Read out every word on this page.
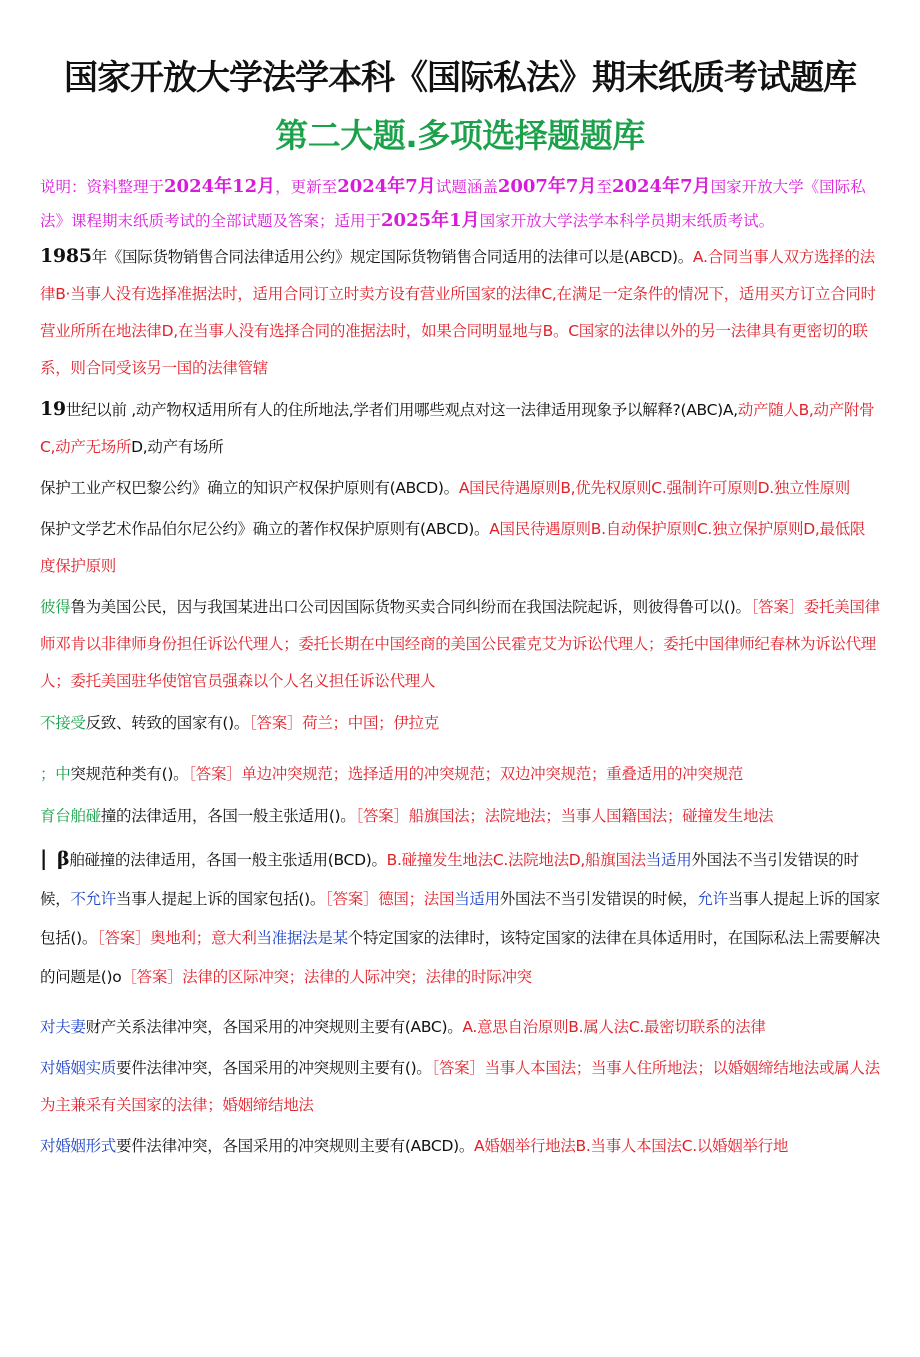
国家开放大学法学本科《国际私法》期末纸质考试题库
第二大题.多项选择题题库

说明：资料整理于2024年12月，更新至2024年7月试题涵盖2007年7月至2024年7月国家开放大学《国际私法》课程期末纸质考试的全部试题及答案；适用于2025年1月国家开放大学法学本科学员期末纸质考试。

1985年《国际货物销售合同法律适用公约》规定国际货物销售合同适用的法律可以是(ABCD)。A.合同当事人双方选择的法律B·当事人没有选择准据法时，适用合同订立时卖方设有营业所国家的法律C,在满足一定条件的情况下，适用买方订立合同时营业所所在地法律D,在当事人没有选择合同的准据法时，如果合同明显地与B。C国家的法律以外的另一法律具有更密切的联系，则合同受该另一国的法律管辖

19世纪以前 ,动产物权适用所有人的住所地法,学者们用哪些观点对这一法律适用现象予以解释?(ABC)A,动产随人B,动产附骨C,动产无场所D,动产有场所

保护工业产权巴黎公约》确立的知识产权保护原则有(ABCD)。A国民待遇原则B,优先权原则C.强制许可原则D.独立性原则

保护文学艺术作品伯尔尼公约》确立的著作权保护原则有(ABCD)。A国民待遇原则B.自动保护原则C.独立保护原则D,最低限度保护原则

彼得鲁为美国公民，因与我国某进出口公司因国际货物买卖合同纠纷而在我国法院起诉，则彼得鲁可以()。［答案］委托美国律师邓肯以非律师身份担任诉讼代理人；委托长期在中国经商的美国公民霍克艾为诉讼代理人；委托中国律师纪春林为诉讼代理人；委托美国驻华使馆官员强森以个人名义担任诉讼代理人

不接受反致、转致的国家有()。［答案］荷兰；中国；伊拉克

；中突规范种类有()。［答案］单边冲突规范；选择适用的冲突规范；双边冲突规范；重叠适用的冲突规范

育台舶碰撞的法律适用，各国一般主张适用()。［答案］船旗国法；法院地法；当事人国籍国法；碰撞发生地法

| β舶碰撞的法律适用，各国一般主张适用(BCD)。B.碰撞发生地法C.法院地法D,船旗国法当适用外国法不当引发错误的时候，不允许当事人提起上诉的国家包括()。［答案］德国；法国当适用外国法不当引发错误的时候，允许当事人提起上诉的国家包括()。［答案］奥地利；意大利当准据法是某个特定国家的法律时，该特定国家的法律在具体适用时，在国际私法上需要解决的问题是()o［答案］法律的区际冲突；法律的人际冲突；法律的时际冲突

对夫妻财产关系法律冲突，各国采用的冲突规则主要有(ABC)。A.意思自治原则B.属人法C.最密切联系的法律

对婚姻实质要件法律冲突，各国采用的冲突规则主要有()。［答案］当事人本国法；当事人住所地法；以婚姻缔结地法或属人法为主兼采有关国家的法律；婚姻缔结地法

对婚姻形式要件法律冲突，各国采用的冲突规则主要有(ABCD)。A婚姻举行地法B.当事人本国法C.以婚姻举行地
